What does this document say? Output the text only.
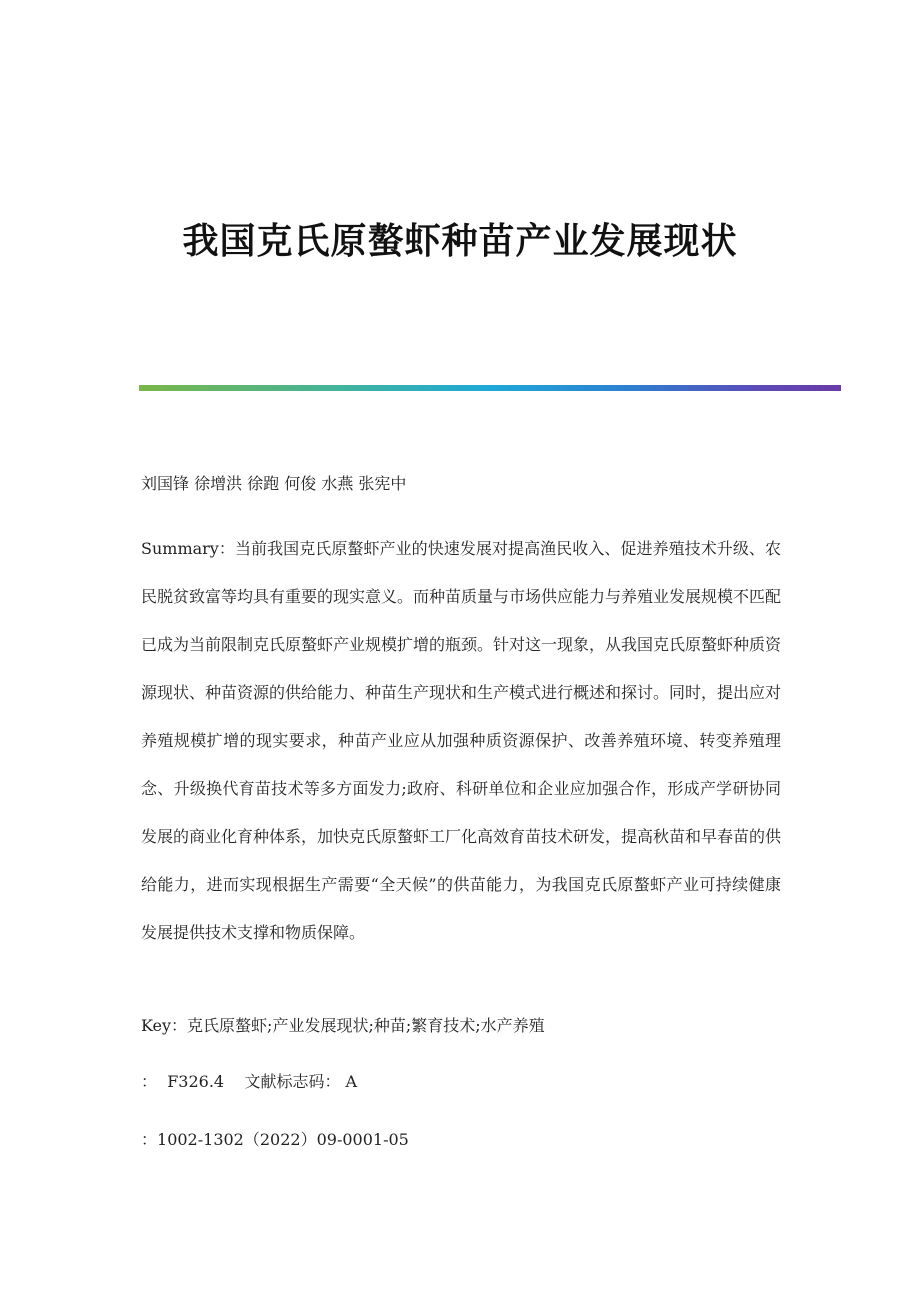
我国克氏原螯虾种苗产业发展现状
刘国锋 徐增洪 徐跑 何俊 水燕 张宪中

Summary：当前我国克氏原螯虾产业的快速发展对提高渔民收入、促进养殖技术升级、农民脱贫致富等均具有重要的现实意义。而种苗质量与市场供应能力与养殖业发展规模不匹配已成为当前限制克氏原螯虾产业规模扩增的瓶颈。针对这一现象，从我国克氏原螯虾种质资源现状、种苗资源的供给能力、种苗生产现状和生产模式进行概述和探讨。同时，提出应对养殖规模扩增的现实要求，种苗产业应从加强种质资源保护、改善养殖环境、转变养殖理念、升级换代育苗技术等多方面发力;政府、科研单位和企业应加强合作，形成产学研协同发展的商业化育种体系，加快克氏原螯虾工厂化高效育苗技术研发，提高秋苗和早春苗的供给能力，进而实现根据生产需要“全天候”的供苗能力，为我国克氏原螯虾产业可持续健康发展提供技术支撑和物质保障。

Key：克氏原螯虾;产业发展现状;种苗;繁育技术;水产养殖
： F326.4 文献标志码： A
：1002-1302（2022）09-0001-05
